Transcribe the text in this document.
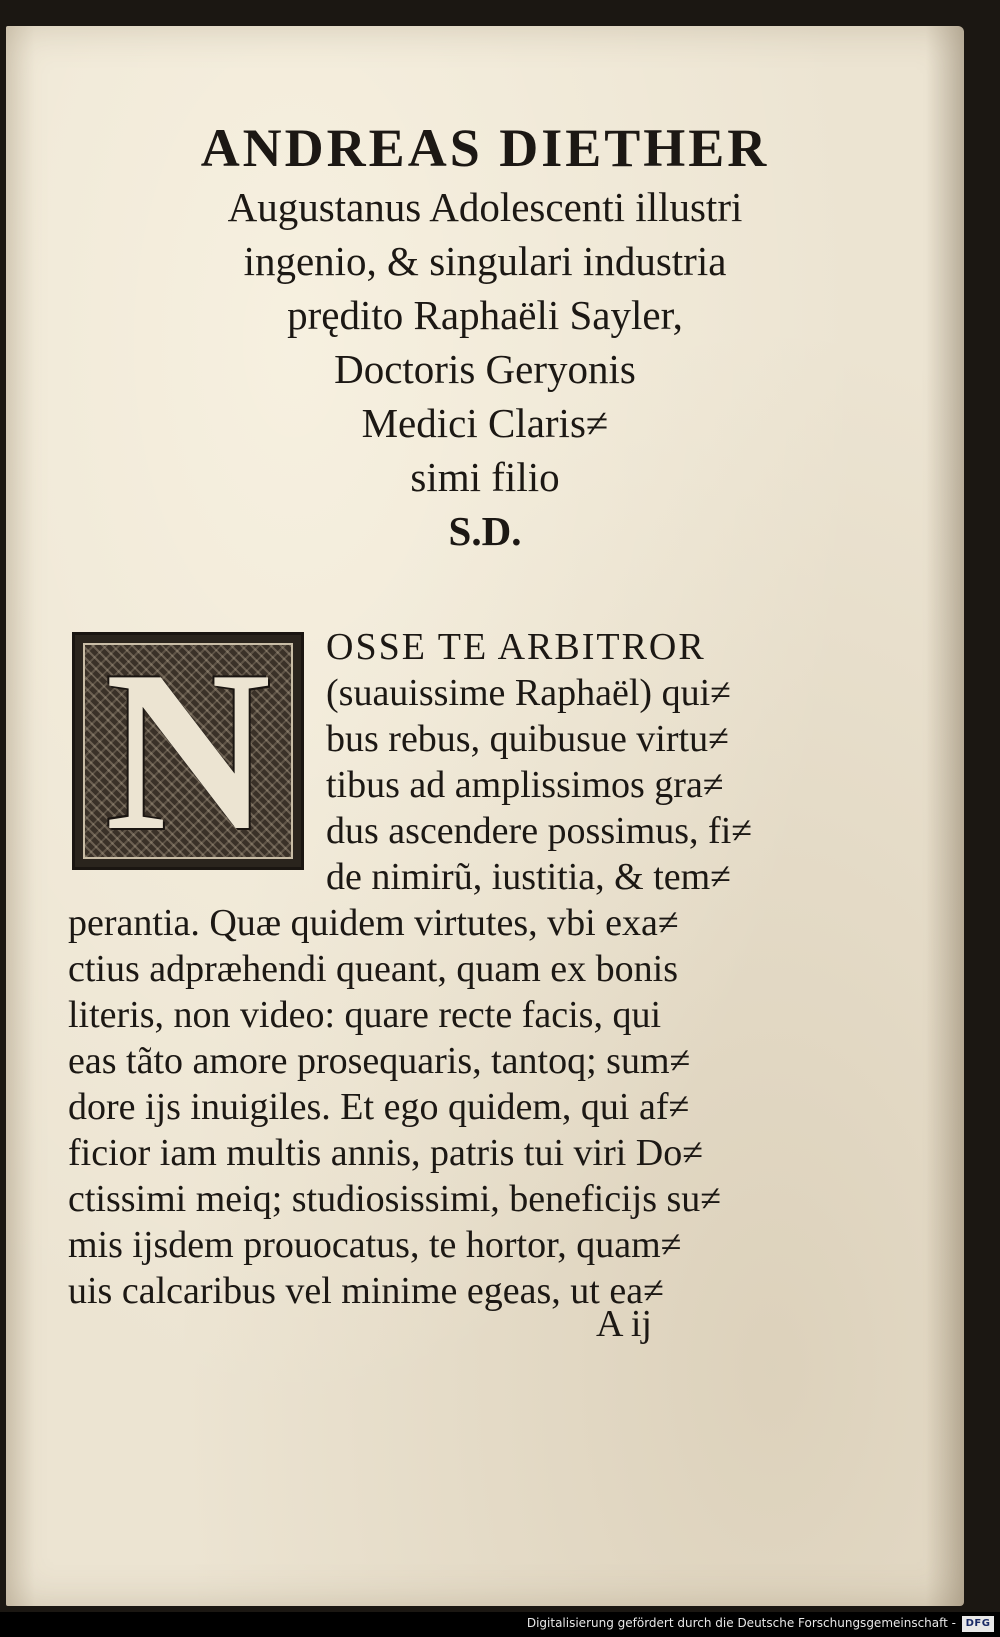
ANDREAS DIETHER

Augustanus Adolescenti illustri

ingenio, & singulari industria

prędito Raphaëli Sayler,

Doctoris Geryonis

Medici Claris≠

simi filio

S.D.

N	OSSE TE ARBITROR
(suauissime Raphaël) qui≠
bus rebus, quibusue virtu≠
tibus ad amplissimos gra≠
dus ascendere possimus, fi≠
de nimirũ, iustitia, & tem≠
perantia. Quæ quidem virtutes, vbi exa≠
ctius adpræhendi queant, quam ex bonis
literis, non video: quare recte facis, qui
eas tãto amore prosequaris, tantoq; sum≠
dore ijs inuigiles. Et ego quidem, qui af≠
ficior iam multis annis, patris tui viri Do≠
ctissimi meiq; studiosissimi, beneficijs su≠
mis ijsdem prouocatus, te hortor, quam≠
uis calcaribus vel minime egeas, ut ea≠
A ij
Digitalisierung gefördert durch die Deutsche Forschungsgemeinschaft - DFG
